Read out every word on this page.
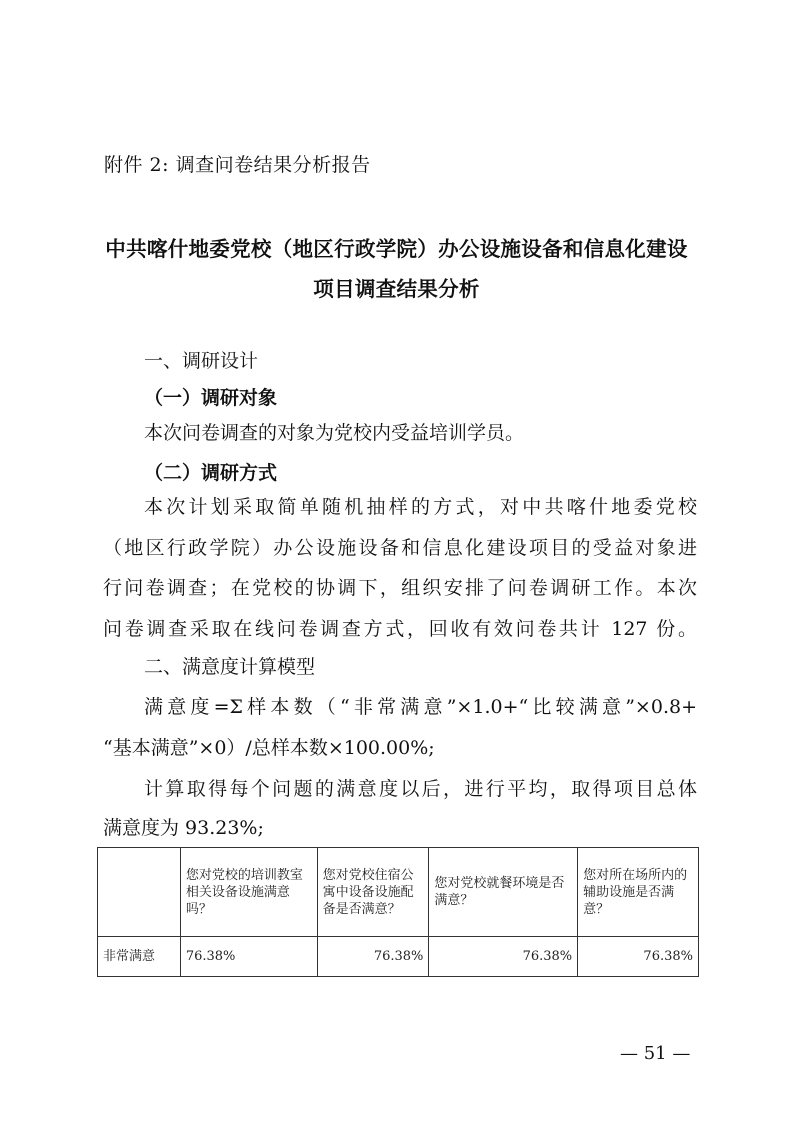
附件 2: 调查问卷结果分析报告
中共喀什地委党校（地区行政学院）办公设施设备和信息化建设
项目调查结果分析
一、调研设计
（一）调研对象
本次问卷调查的对象为党校内受益培训学员。
（二）调研方式
本次计划采取简单随机抽样的方式，对中共喀什地委党校
（地区行政学院）办公设施设备和信息化建设项目的受益对象进
行问卷调查；在党校的协调下，组织安排了问卷调研工作。本次
问卷调查采取在线问卷调查方式，回收有效问卷共计 127 份。
二、满意度计算模型
满意度=Σ样本数（“非常满意”×1.0+“比较满意”×0.8+
“基本满意”×0）/总样本数×100.00%;
计算取得每个问题的满意度以后，进行平均，取得项目总体
满意度为 93.23%;
	您对党校的培训教室相关设备设施满意吗？	您对党校住宿公寓中设备设施配备是否满意？	您对党校就餐环境是否满意？	您对所在场所内的辅助设施是否满意？
非常满意	76.38%	76.38%	76.38%	76.38%
— 51 —
